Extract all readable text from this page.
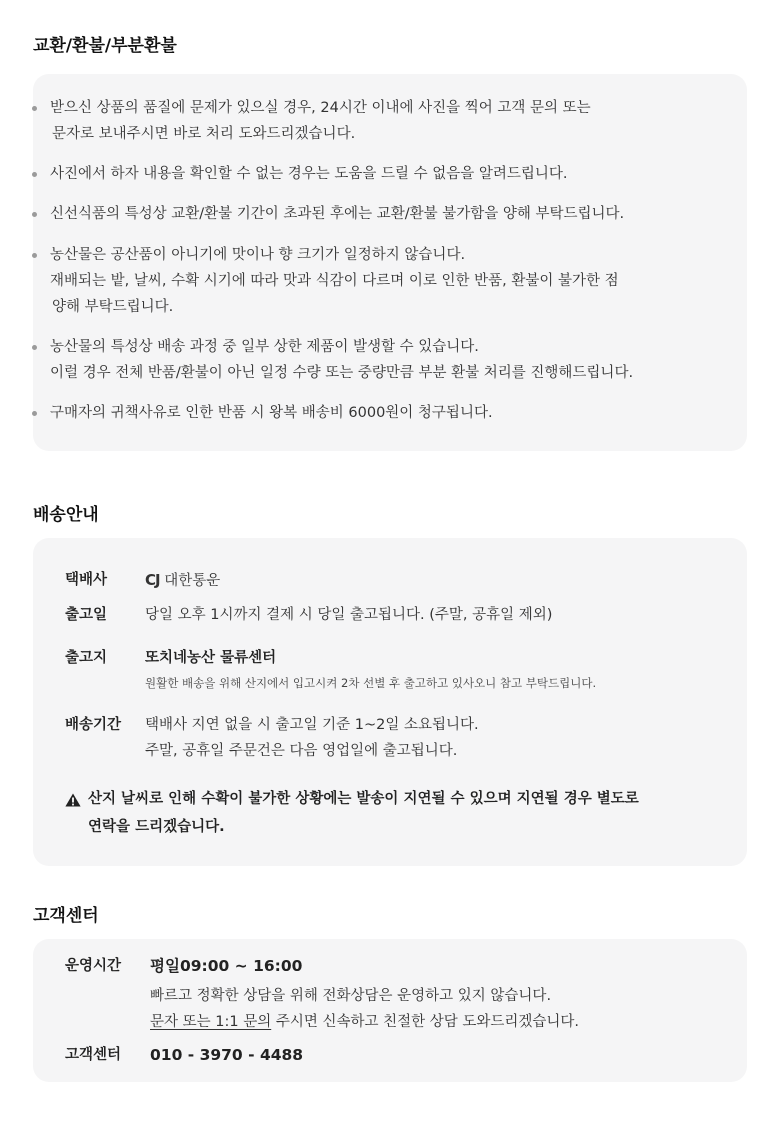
교환/환불/부분환불
받으신 상품의 품질에 문제가 있으실 경우, 24시간 이내에 사진을 찍어 고객 문의 또는
문자로 보내주시면 바로 처리 도와드리겠습니다.
사진에서 하자 내용을 확인할 수 없는 경우는 도움을 드릴 수 없음을 알려드립니다.
신선식품의 특성상 교환/환불 기간이 초과된 후에는 교환/환불 불가함을 양해 부탁드립니다.
농산물은 공산품이 아니기에 맛이나 향 크기가 일정하지 않습니다.
재배되는 밭, 날씨, 수확 시기에 따라 맛과 식감이 다르며 이로 인한 반품, 환불이 불가한 점
양해 부탁드립니다.
농산물의 특성상 배송 과정 중 일부 상한 제품이 발생할 수 있습니다.
이럴 경우 전체 반품/환불이 아닌 일정 수량 또는 중량만큼 부분 환불 처리를 진행해드립니다.
구매자의 귀책사유로 인한 반품 시 왕복 배송비 6000원이 청구됩니다.
배송안내
택배사	CJ 대한통운
출고일	당일 오후 1시까지 결제 시 당일 출고됩니다. (주말, 공휴일 제외)
출고지	또치네농산 물류센터
원활한 배송을 위해 산지에서 입고시켜 2차 선별 후 출고하고 있사오니 참고 부탁드립니다.
배송기간 택배사 지연 없을 시 출고일 기준 1~2일 소요됩니다.
주말, 공휴일 주문건은 다음 영업일에 출고됩니다.
산지 날씨로 인해 수확이 불가한 상황에는 발송이 지연될 수 있으며 지연될 경우 별도로
연락을 드리겠습니다.
고객센터
운영시간 평일09:00 ~ 16:00
빠르고 정확한 상담을 위해 전화상담은 운영하고 있지 않습니다.
문자 또는 1:1 문의 주시면 신속하고 친절한 상담 도와드리겠습니다.
고객센터 010 - 3970 - 4488
